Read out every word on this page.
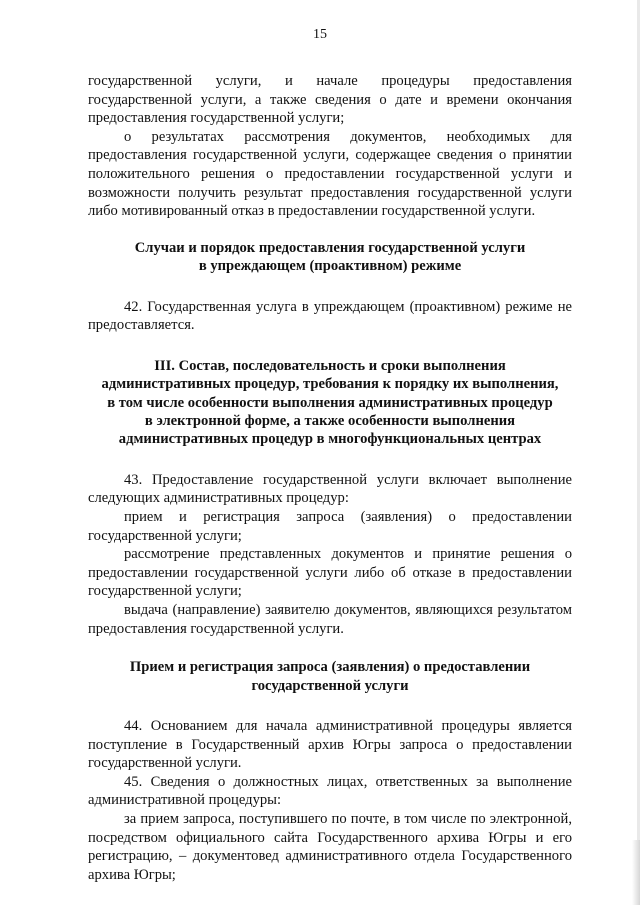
15

государственной услуги, и начале процедуры предоставления государственной услуги, а также сведения о дате и времени окончания предоставления государственной услуги;

о результатах рассмотрения документов, необходимых для предоставления государственной услуги, содержащее сведения о принятии положительного решения о предоставлении государственной услуги и возможности получить результат предоставления государственной услуги либо мотивированный отказ в предоставлении государственной услуги.

Случаи и порядок предоставления государственной услуги
в упреждающем (проактивном) режиме

42. Государственная услуга в упреждающем (проактивном) режиме не предоставляется.

III. Состав, последовательность и сроки выполнения
административных процедур, требования к порядку их выполнения,
в том числе особенности выполнения административных процедур
в электронной форме, а также особенности выполнения
административных процедур в многофункциональных центрах

43. Предоставление государственной услуги включает выполнение следующих административных процедур:

прием и регистрация запроса (заявления) о предоставлении государственной услуги;

рассмотрение представленных документов и принятие решения о предоставлении государственной услуги либо об отказе в предоставлении государственной услуги;

выдача (направление) заявителю документов, являющихся результатом предоставления государственной услуги.

Прием и регистрация запроса (заявления) о предоставлении
государственной услуги

44. Основанием для начала административной процедуры является поступление в Государственный архив Югры запроса о предоставлении государственной услуги.

45. Сведения о должностных лицах, ответственных за выполнение административной процедуры:

за прием запроса, поступившего по почте, в том числе по электронной, посредством официального сайта Государственного архива Югры и его регистрацию, – документовед административного отдела Государственного архива Югры;
